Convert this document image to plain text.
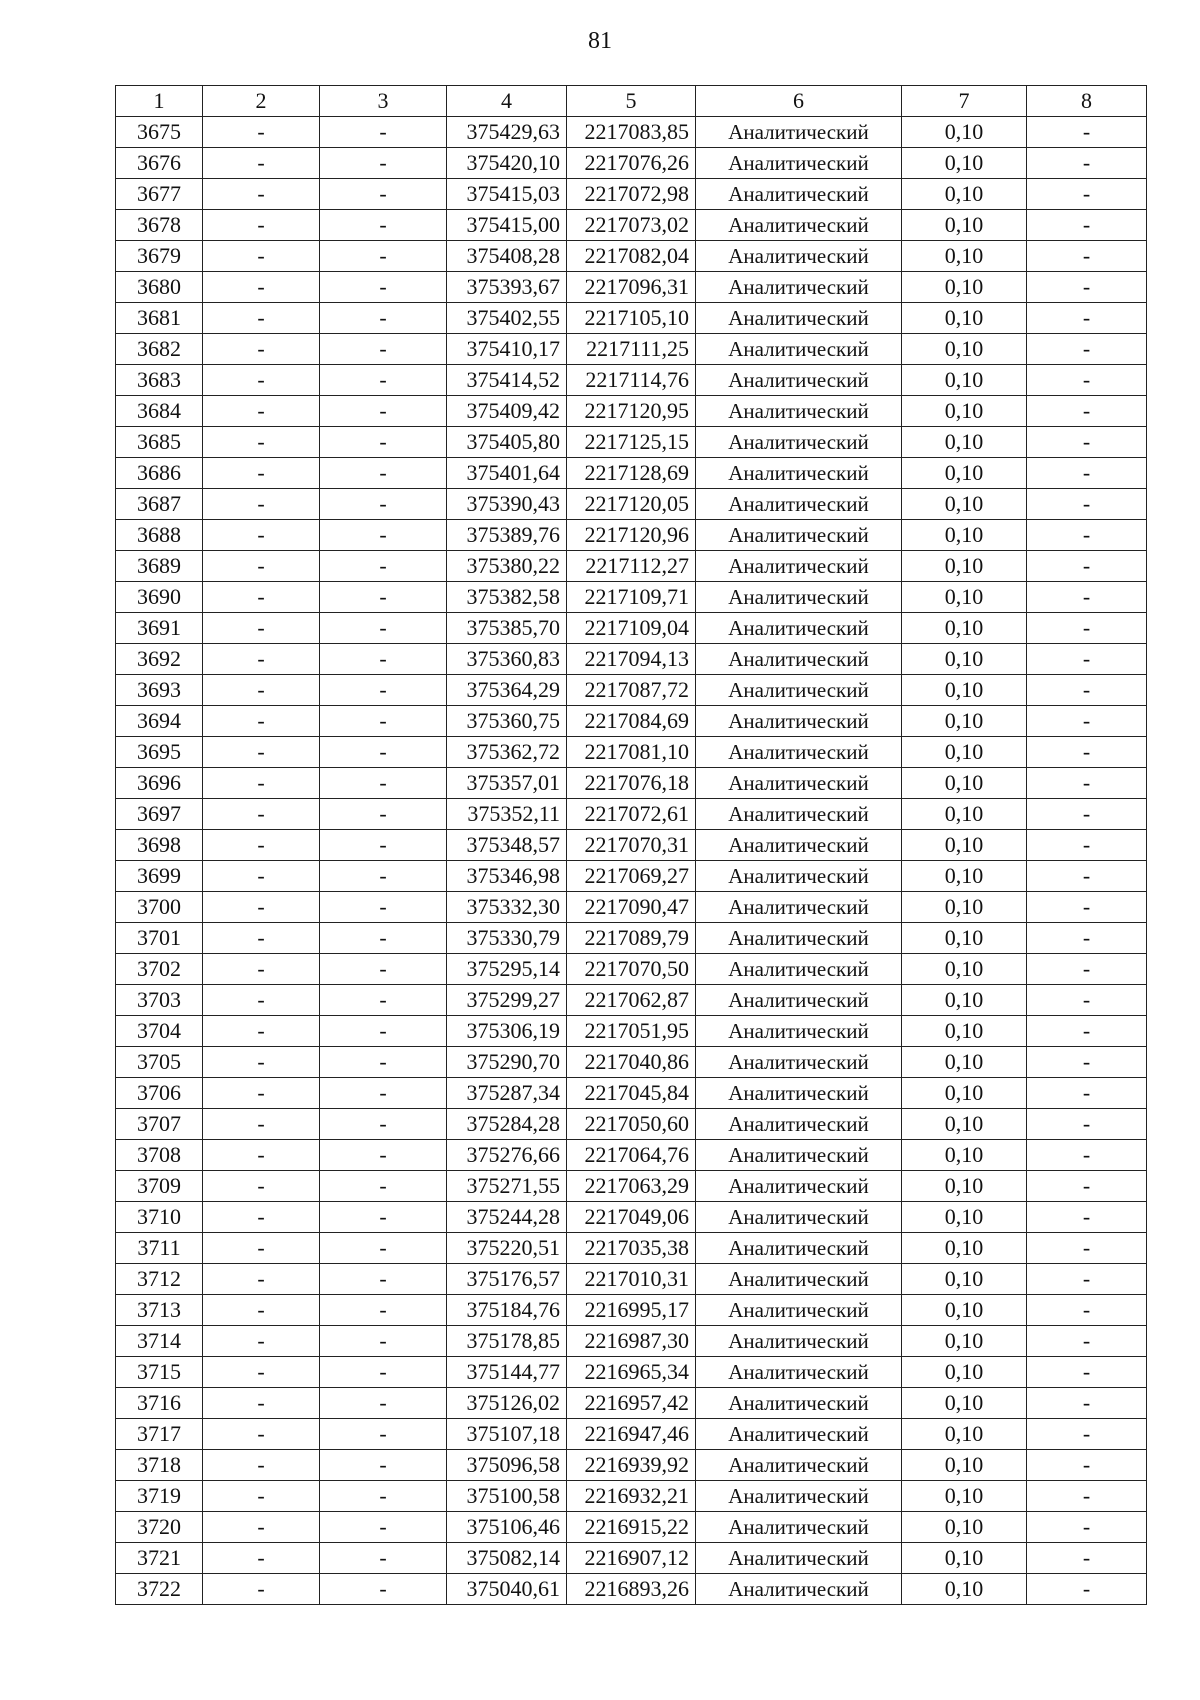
81
1	2	3	4	5	6	7	8
3675	-	-	375429,63	2217083,85	Аналитический	0,10	-
3676	-	-	375420,10	2217076,26	Аналитический	0,10	-
3677	-	-	375415,03	2217072,98	Аналитический	0,10	-
3678	-	-	375415,00	2217073,02	Аналитический	0,10	-
3679	-	-	375408,28	2217082,04	Аналитический	0,10	-
3680	-	-	375393,67	2217096,31	Аналитический	0,10	-
3681	-	-	375402,55	2217105,10	Аналитический	0,10	-
3682	-	-	375410,17	2217111,25	Аналитический	0,10	-
3683	-	-	375414,52	2217114,76	Аналитический	0,10	-
3684	-	-	375409,42	2217120,95	Аналитический	0,10	-
3685	-	-	375405,80	2217125,15	Аналитический	0,10	-
3686	-	-	375401,64	2217128,69	Аналитический	0,10	-
3687	-	-	375390,43	2217120,05	Аналитический	0,10	-
3688	-	-	375389,76	2217120,96	Аналитический	0,10	-
3689	-	-	375380,22	2217112,27	Аналитический	0,10	-
3690	-	-	375382,58	2217109,71	Аналитический	0,10	-
3691	-	-	375385,70	2217109,04	Аналитический	0,10	-
3692	-	-	375360,83	2217094,13	Аналитический	0,10	-
3693	-	-	375364,29	2217087,72	Аналитический	0,10	-
3694	-	-	375360,75	2217084,69	Аналитический	0,10	-
3695	-	-	375362,72	2217081,10	Аналитический	0,10	-
3696	-	-	375357,01	2217076,18	Аналитический	0,10	-
3697	-	-	375352,11	2217072,61	Аналитический	0,10	-
3698	-	-	375348,57	2217070,31	Аналитический	0,10	-
3699	-	-	375346,98	2217069,27	Аналитический	0,10	-
3700	-	-	375332,30	2217090,47	Аналитический	0,10	-
3701	-	-	375330,79	2217089,79	Аналитический	0,10	-
3702	-	-	375295,14	2217070,50	Аналитический	0,10	-
3703	-	-	375299,27	2217062,87	Аналитический	0,10	-
3704	-	-	375306,19	2217051,95	Аналитический	0,10	-
3705	-	-	375290,70	2217040,86	Аналитический	0,10	-
3706	-	-	375287,34	2217045,84	Аналитический	0,10	-
3707	-	-	375284,28	2217050,60	Аналитический	0,10	-
3708	-	-	375276,66	2217064,76	Аналитический	0,10	-
3709	-	-	375271,55	2217063,29	Аналитический	0,10	-
3710	-	-	375244,28	2217049,06	Аналитический	0,10	-
3711	-	-	375220,51	2217035,38	Аналитический	0,10	-
3712	-	-	375176,57	2217010,31	Аналитический	0,10	-
3713	-	-	375184,76	2216995,17	Аналитический	0,10	-
3714	-	-	375178,85	2216987,30	Аналитический	0,10	-
3715	-	-	375144,77	2216965,34	Аналитический	0,10	-
3716	-	-	375126,02	2216957,42	Аналитический	0,10	-
3717	-	-	375107,18	2216947,46	Аналитический	0,10	-
3718	-	-	375096,58	2216939,92	Аналитический	0,10	-
3719	-	-	375100,58	2216932,21	Аналитический	0,10	-
3720	-	-	375106,46	2216915,22	Аналитический	0,10	-
3721	-	-	375082,14	2216907,12	Аналитический	0,10	-
3722	-	-	375040,61	2216893,26	Аналитический	0,10	-
